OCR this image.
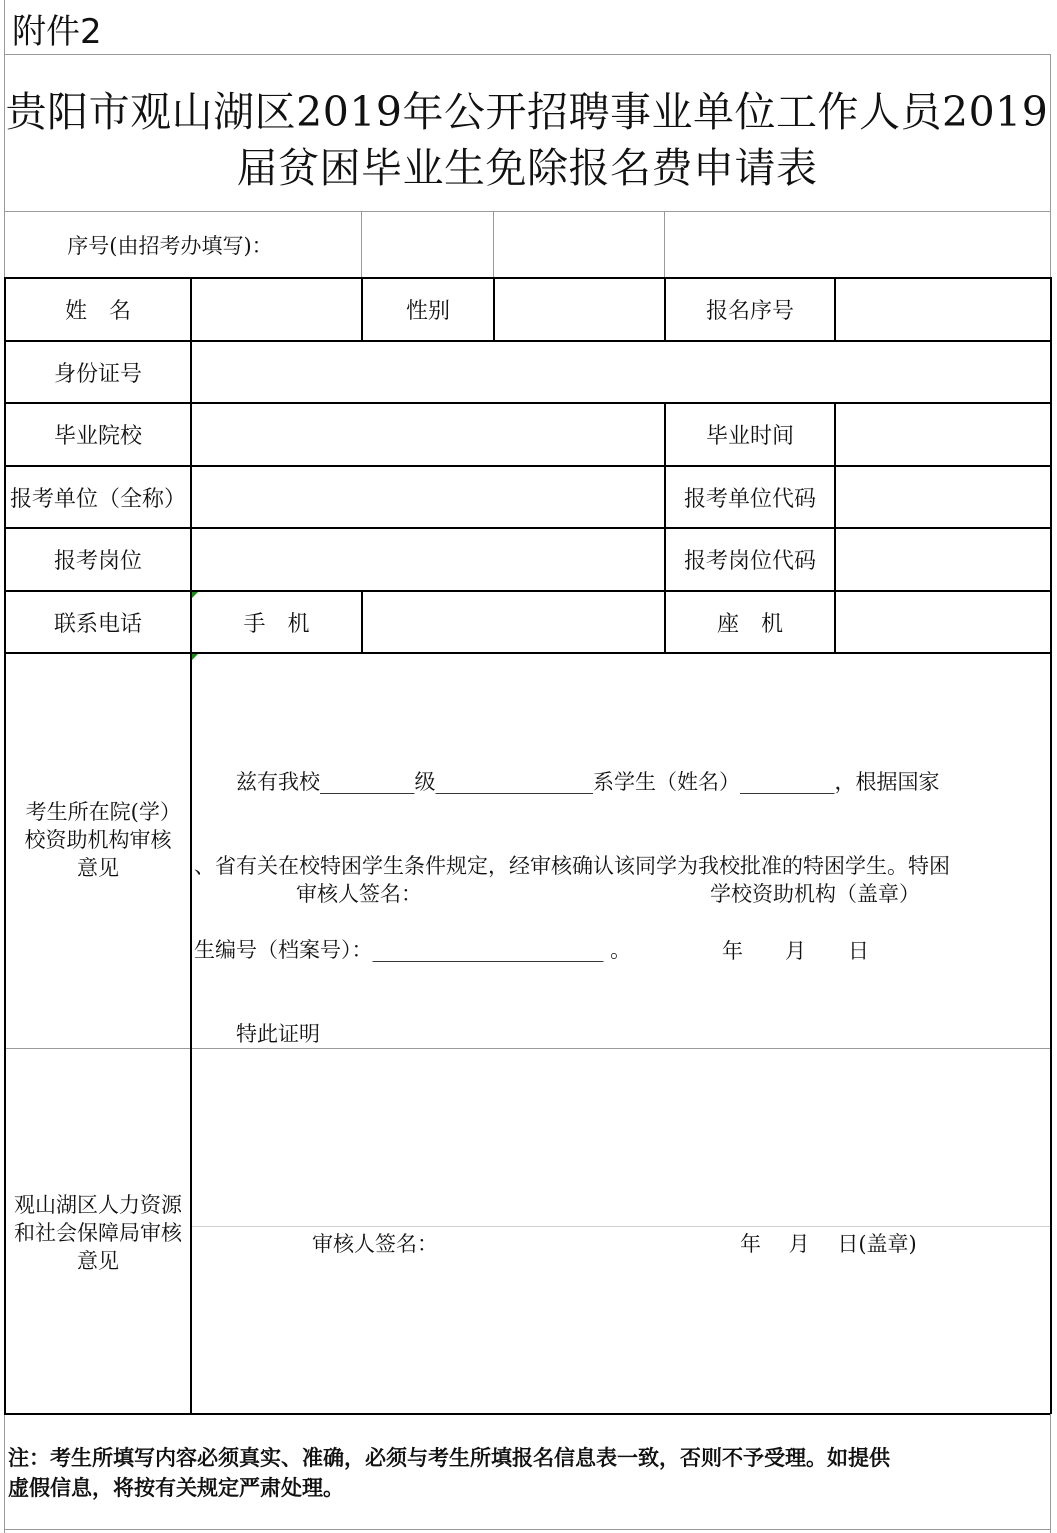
附件2
贵阳市观山湖区2019年公开招聘事业单位工作人员2019
届贫困毕业生免除报名费申请表
序号(由招考办填写)：
姓　名	性别	报名序号
身份证号
毕业院校	毕业时间
报考单位（全称）	报考单位代码
报考岗位	报考岗位代码
联系电话	手　机	座　机
考生所在院(学）校资助机构审核意见

　　兹有我校_________级_______________系学生（姓名）_________，根据国家

、省有关在校特困学生条件规定，经审核确认该同学为我校批准的特困学生。特困

生编号（档案号）：______________________ 。

　　特此证明

审核人签名：	学校资助机构（盖章）
年　　月　　日
观山湖区人力资源和社会保障局审核意见
审核人签名：	年　 月　 日(盖章)
注：考生所填写内容必须真实、准确，必须与考生所填报名信息表一致，否则不予受理。如提供
虚假信息，将按有关规定严肃处理。
